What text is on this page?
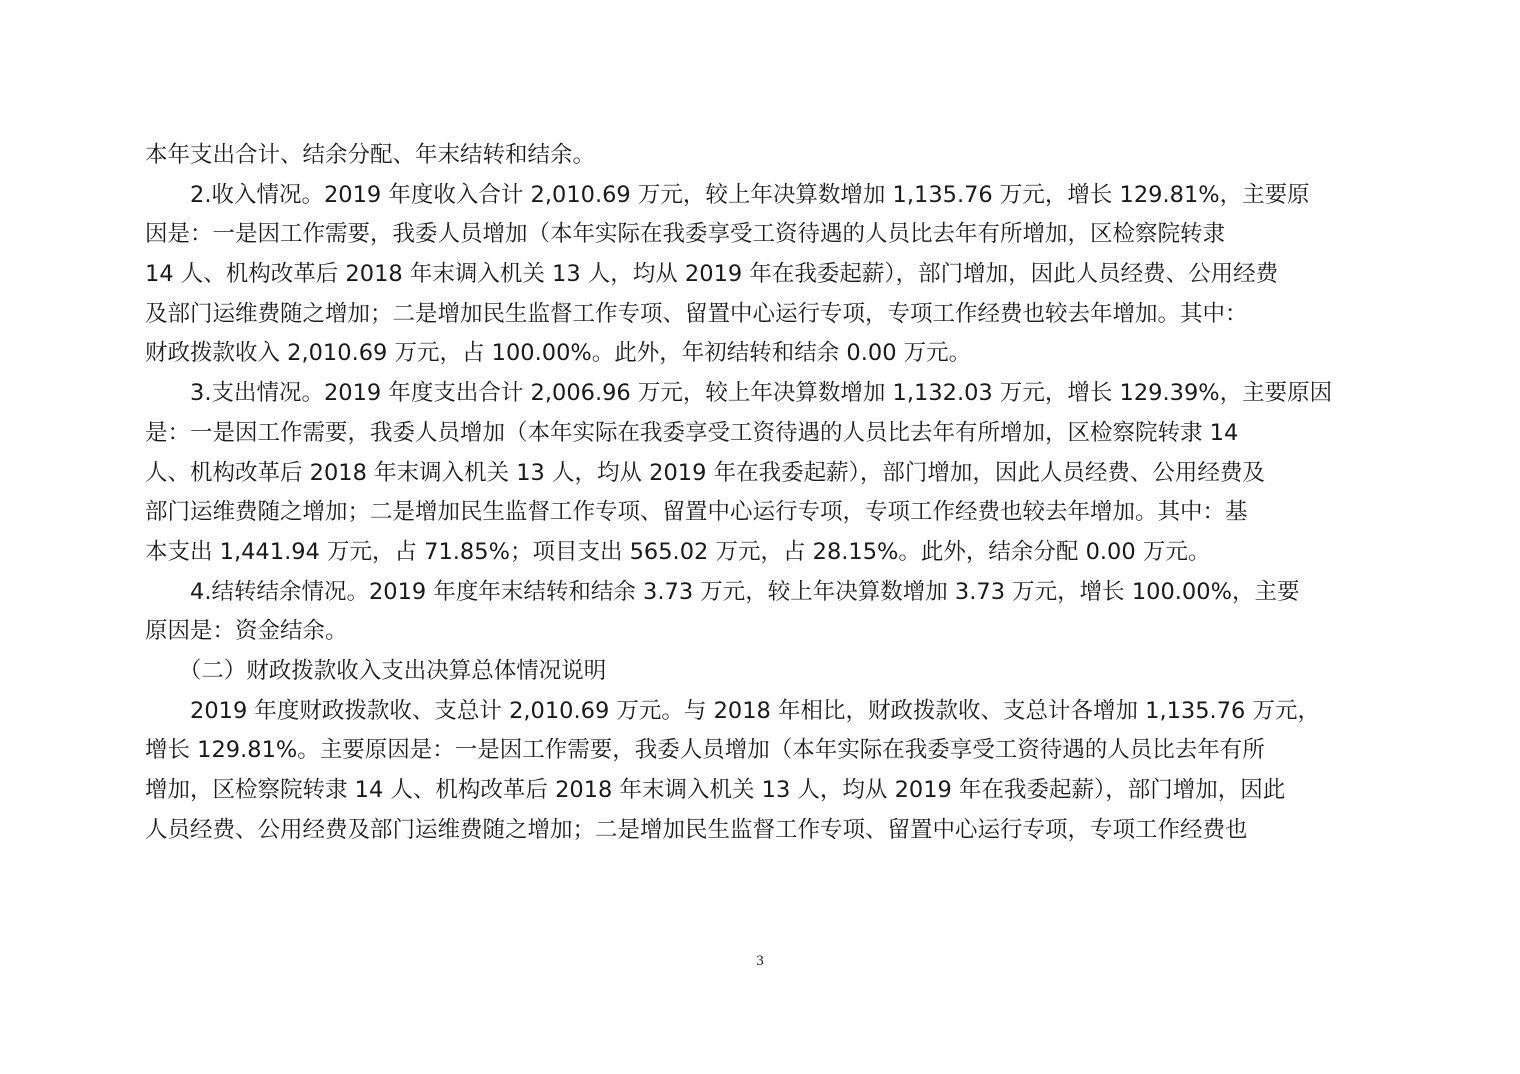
本年支出合计、结余分配、年末结转和结余。
　　2.收入情况。2019 年度收入合计 2,010.69 万元，较上年决算数增加 1,135.76 万元，增长 129.81%，主要原
因是：一是因工作需要，我委人员增加（本年实际在我委享受工资待遇的人员比去年有所增加，区检察院转隶
14 人、机构改革后 2018 年末调入机关 13 人，均从 2019 年在我委起薪），部门增加，因此人员经费、公用经费
及部门运维费随之增加；二是增加民生监督工作专项、留置中心运行专项，专项工作经费也较去年增加。其中：
财政拨款收入 2,010.69 万元，占 100.00%。此外，年初结转和结余 0.00 万元。
　　3.支出情况。2019 年度支出合计 2,006.96 万元，较上年决算数增加 1,132.03 万元，增长 129.39%，主要原因
是：一是因工作需要，我委人员增加（本年实际在我委享受工资待遇的人员比去年有所增加，区检察院转隶 14
人、机构改革后 2018 年末调入机关 13 人，均从 2019 年在我委起薪），部门增加，因此人员经费、公用经费及
部门运维费随之增加；二是增加民生监督工作专项、留置中心运行专项，专项工作经费也较去年增加。其中：基
本支出 1,441.94 万元，占 71.85%；项目支出 565.02 万元，占 28.15%。此外，结余分配 0.00 万元。
　　4.结转结余情况。2019 年度年末结转和结余 3.73 万元，较上年决算数增加 3.73 万元，增长 100.00%，主要
原因是：资金结余。
　　（二）财政拨款收入支出决算总体情况说明
　　2019 年度财政拨款收、支总计 2,010.69 万元。与 2018 年相比，财政拨款收、支总计各增加 1,135.76 万元，
增长 129.81%。主要原因是：一是因工作需要，我委人员增加（本年实际在我委享受工资待遇的人员比去年有所
增加，区检察院转隶 14 人、机构改革后 2018 年末调入机关 13 人，均从 2019 年在我委起薪），部门增加，因此
人员经费、公用经费及部门运维费随之增加；二是增加民生监督工作专项、留置中心运行专项，专项工作经费也
3
